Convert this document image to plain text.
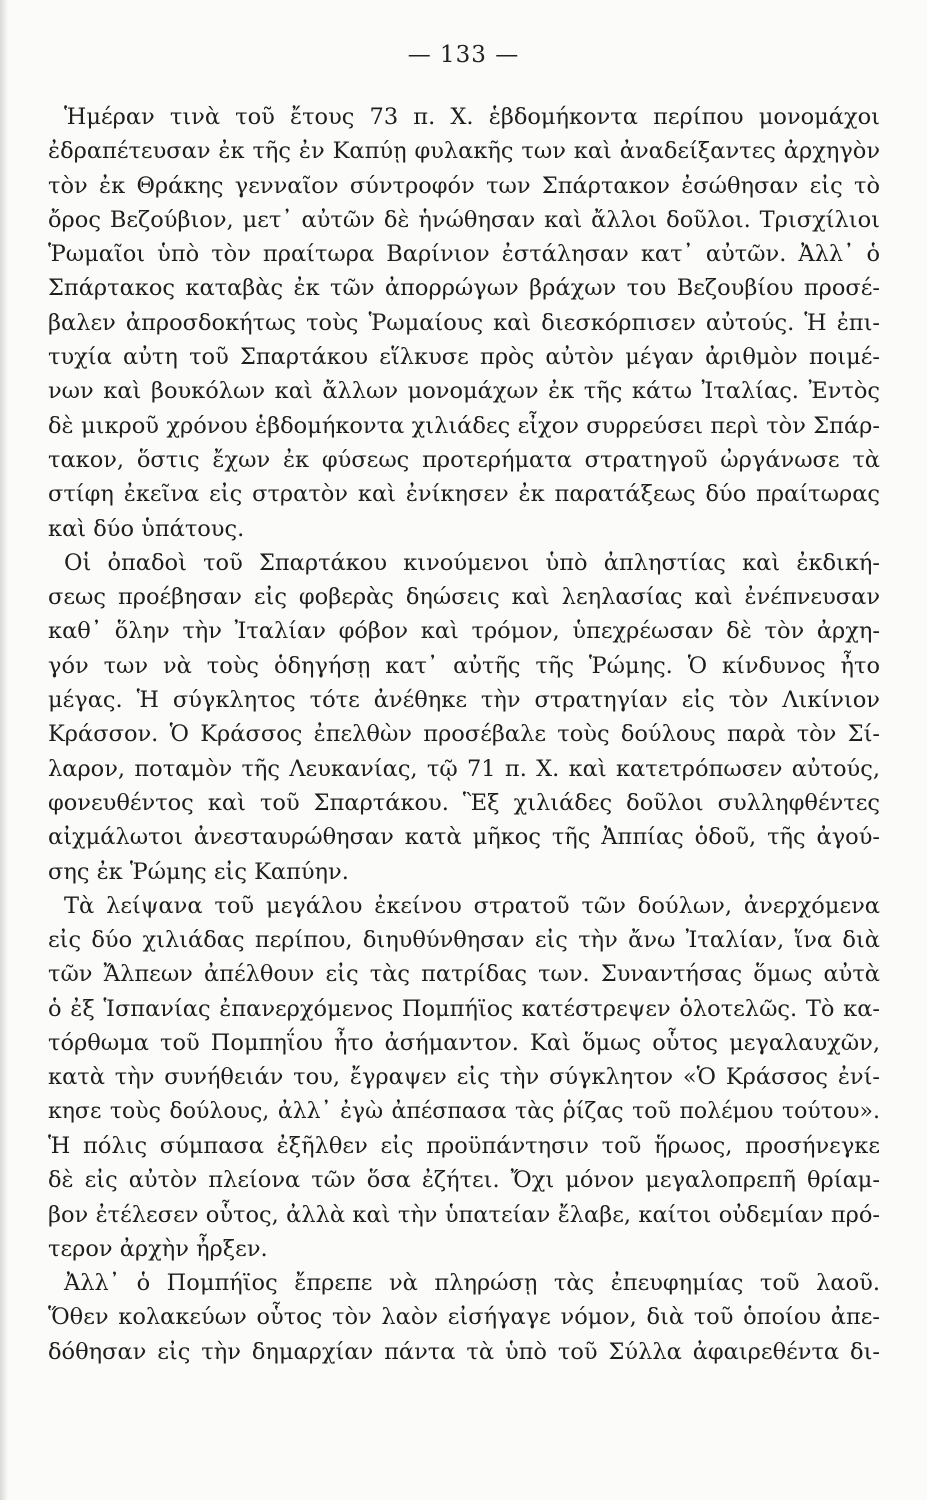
— 133 —
Ἡμέραν τινὰ τοῦ ἔτους 73 π. Χ. ἑβδομήκοντα περίπου μονομάχοι
ἐδραπέτευσαν ἐκ τῆς ἐν Καπύῃ φυλακῆς των καὶ ἀναδείξαντες ἀρχηγὸν
τὸν ἐκ Θράκης γενναῖον σύντροφόν των Σπάρτακον ἐσώθησαν εἰς τὸ
ὄρος Βεζούβιον, μετ᾽ αὐτῶν δὲ ἡνώθησαν καὶ ἄλλοι δοῦλοι. Τρισχίλιοι
Ῥωμαῖοι ὑπὸ τὸν πραίτωρα Βαρίνιον ἐστάλησαν κατ᾽ αὐτῶν. Ἀλλ᾽ ὁ
Σπάρτακος καταβὰς ἐκ τῶν ἀπορρώγων βράχων του Βεζουβίου προσέ-
βαλεν ἀπροσδοκήτως τοὺς Ῥωμαίους καὶ διεσκόρπισεν αὐτούς. Ἡ ἐπι-
τυχία αὐτη τοῦ Σπαρτάκου εἵλκυσε πρὸς αὐτὸν μέγαν ἀριθμὸν ποιμέ-
νων καὶ βουκόλων καὶ ἄλλων μονομάχων ἐκ τῆς κάτω Ἰταλίας. Ἐντὸς
δὲ μικροῦ χρόνου ἑβδομήκοντα χιλιάδες εἶχον συρρεύσει περὶ τὸν Σπάρ-
τακον, ὅστις ἔχων ἐκ φύσεως προτερήματα στρατηγοῦ ὠργάνωσε τὰ
στίφη ἐκεῖνα εἰς στρατὸν καὶ ἐνίκησεν ἐκ παρατάξεως δύο πραίτωρας
καὶ δύο ὑπάτους.
Οἱ ὀπαδοὶ τοῦ Σπαρτάκου κινούμενοι ὑπὸ ἀπληστίας καὶ ἐκδική-
σεως προέβησαν εἰς φοβερὰς δηώσεις καὶ λεηλασίας καὶ ἐνέπνευσαν
καθ᾽ ὅλην τὴν Ἰταλίαν φόβον καὶ τρόμον, ὑπεχρέωσαν δὲ τὸν ἀρχη-
γόν των νὰ τοὺς ὁδηγήσῃ κατ᾽ αὐτῆς τῆς Ῥώμης. Ὁ κίνδυνος ἦτο
μέγας. Ἡ σύγκλητος τότε ἀνέθηκε τὴν στρατηγίαν εἰς τὸν Λικίνιον
Κράσσον. Ὁ Κράσσος ἐπελθὼν προσέβαλε τοὺς δούλους παρὰ τὸν Σί-
λαρον, ποταμὸν τῆς Λευκανίας, τῷ 71 π. Χ. καὶ κατετρόπωσεν αὐτούς,
φονευθέντος καὶ τοῦ Σπαρτάκου. Ἓξ χιλιάδες δοῦλοι συλληφθέντες
αἰχμάλωτοι ἀνεσταυρώθησαν κατὰ μῆκος τῆς Ἀππίας ὁδοῦ, τῆς ἀγού-
σης ἐκ Ῥώμης εἰς Καπύην.
Τὰ λείψανα τοῦ μεγάλου ἐκείνου στρατοῦ τῶν δούλων, ἀνερχόμενα
εἰς δύο χιλιάδας περίπου, διηυθύνθησαν εἰς τὴν ἄνω Ἰταλίαν, ἵνα διὰ
τῶν Ἄλπεων ἀπέλθουν εἰς τὰς πατρίδας των. Συναντήσας ὅμως αὐτὰ
ὁ ἐξ Ἱσπανίας ἐπανερχόμενος Πομπήϊος κατέστρεψεν ὁλοτελῶς. Τὸ κα-
τόρθωμα τοῦ Πομπηΐου ἦτο ἀσήμαντον. Καὶ ὅμως οὗτος μεγαλαυχῶν,
κατὰ τὴν συνήθειάν του, ἔγραψεν εἰς τὴν σύγκλητον «Ὁ Κράσσος ἐνί-
κησε τοὺς δούλους, ἀλλ᾽ ἐγὼ ἀπέσπασα τὰς ῥίζας τοῦ πολέμου τούτου».
Ἡ πόλις σύμπασα ἐξῆλθεν εἰς προϋπάντησιν τοῦ ἥρωος, προσήνεγκε
δὲ εἰς αὐτὸν πλείονα τῶν ὅσα ἐζήτει. Ὄχι μόνον μεγαλοπρεπῆ θρίαμ-
βον ἐτέλεσεν οὗτος, ἀλλὰ καὶ τὴν ὑπατείαν ἔλαβε, καίτοι οὐδεμίαν πρό-
τερον ἀρχὴν ἦρξεν.
Ἀλλ᾽ ὁ Πομπήϊος ἔπρεπε νὰ πληρώσῃ τὰς ἐπευφημίας τοῦ λαοῦ.
Ὅθεν κολακεύων οὗτος τὸν λαὸν εἰσήγαγε νόμον, διὰ τοῦ ὁποίου ἀπε-
δόθησαν εἰς τὴν δημαρχίαν πάντα τὰ ὑπὸ τοῦ Σύλλα ἀφαιρεθέντα δι-
